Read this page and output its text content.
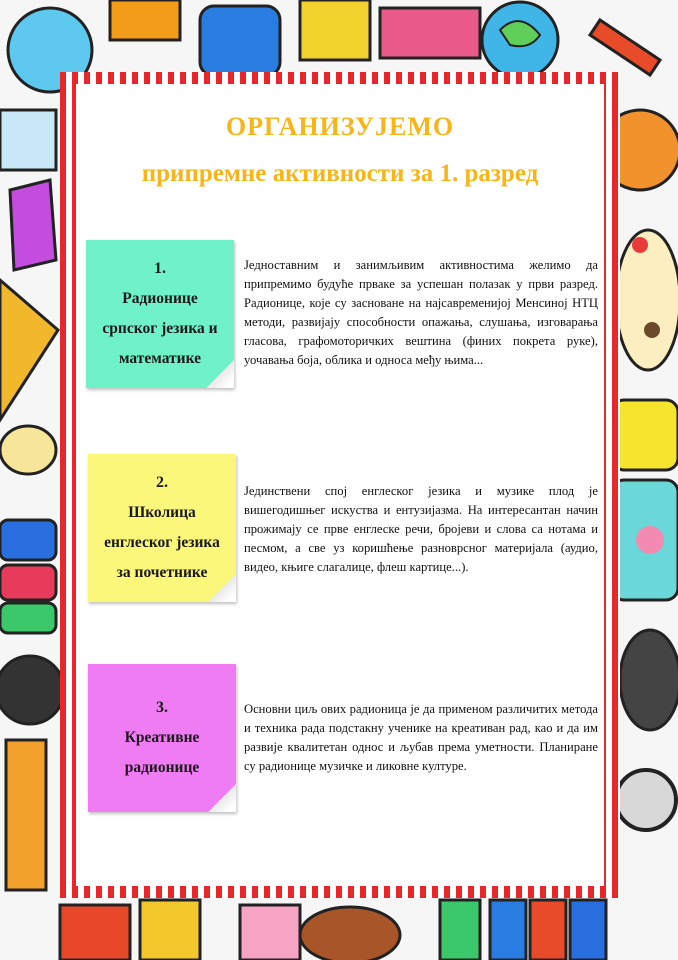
ОРГАНИЗУЈЕМО
припремне активности за 1. разред
1.
Радионице
српског језика и
математике
Једноставним и занимљивим активностима желимо да припремимо будуће прваке за успешан полазак у први разред. Радионице, које су засноване на најсавременијој Менсиној НТЦ методи, развијају способности опажања, слушања, изговарања гласова, графомоторичких вештина (финих покрета руке), уочавања боја, облика и односа међу њима...
2.
Школица
енглеског језика
за почетнике
Јединствени спој енглеског језика и музике плод је вишегодишњег искуства и ентузијазма. На интересантан начин прожимају се прве енглеске речи, бројеви и слова са нотама и песмом, а све уз коришћење разноврсног материјала (аудио, видео, књиге слагалице, флеш картице...).
3.
Креативне
радионице
Основни циљ ових радионица је да применом различитих метода и техника рада подстакну ученике на креативан рад, као и да им развије квалитетан однос и љубав према уметности. Планиране су радионице музичке и ликовне културе.
